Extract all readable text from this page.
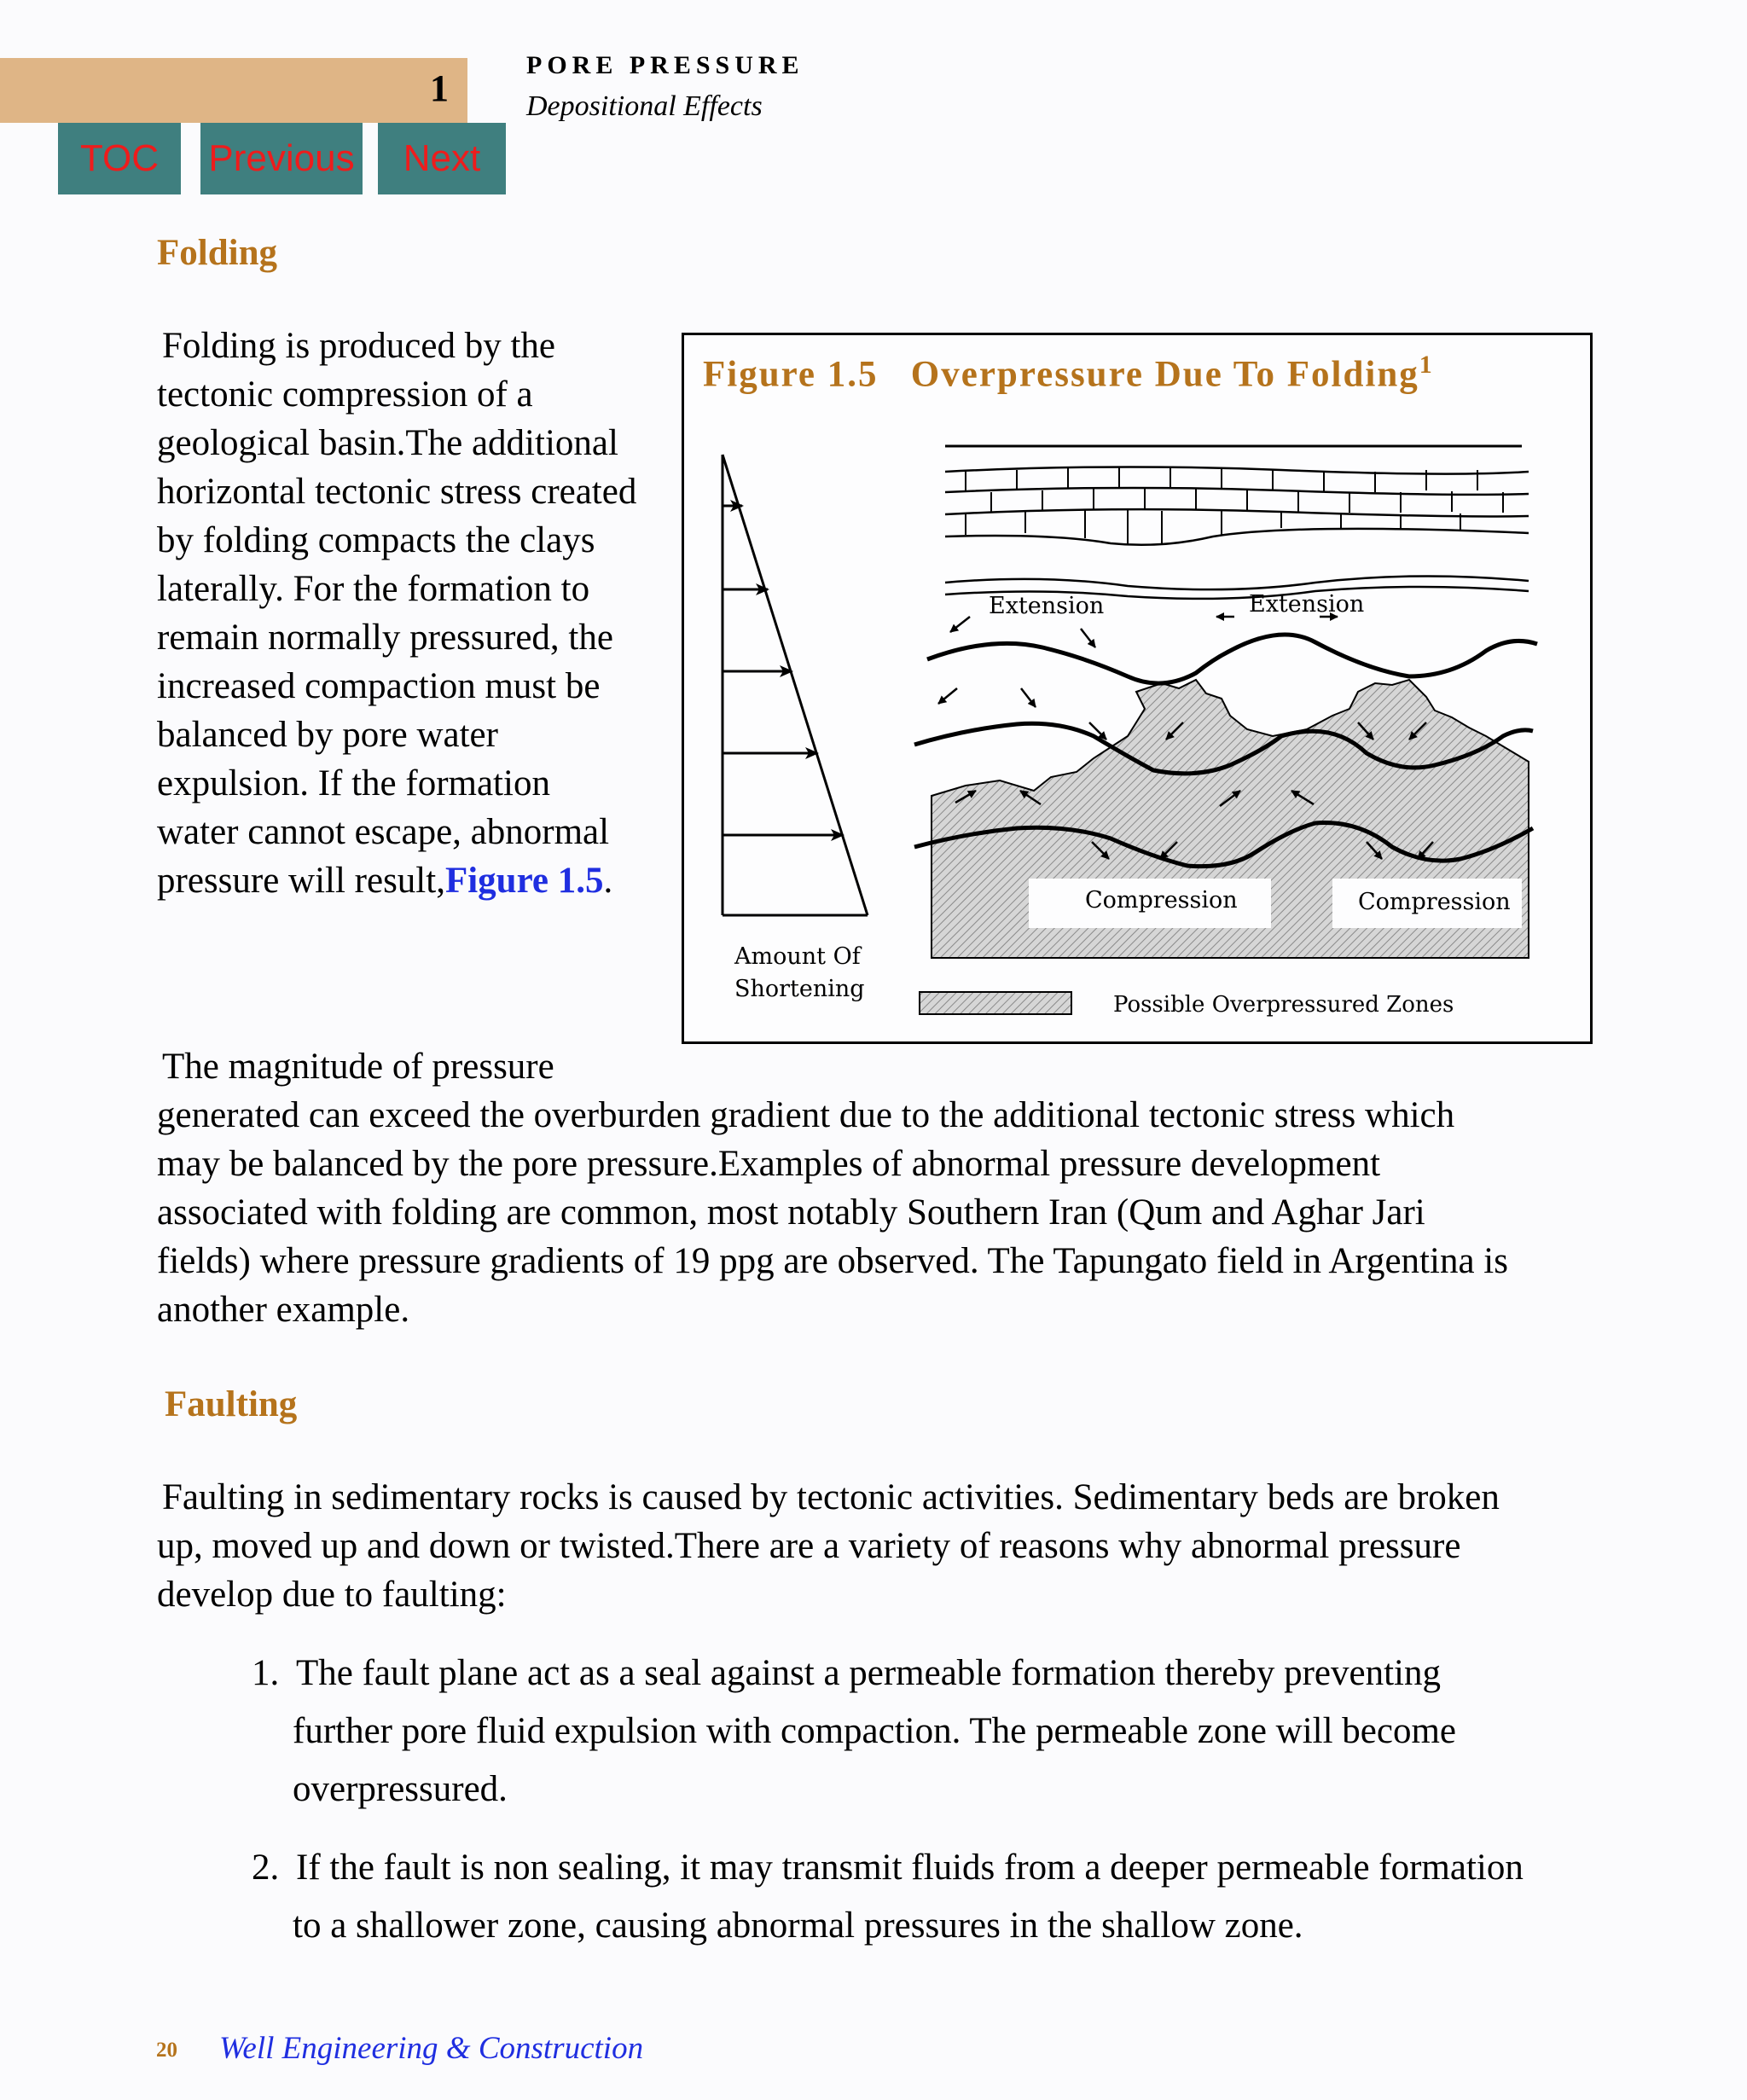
1
PORE PRESSURE
Depositional Effects
TOC	Previous	Next
Folding

Folding is produced by the

tectonic compression of a

geological basin.The additional

horizontal tectonic stress created

by folding compacts the clays

laterally. For the formation to

remain normally pressured, the

increased compaction must be

balanced by pore water

expulsion. If the formation

water cannot escape, abnormal

pressure will result,Figure 1.5.

Figure 1.5 Overpressure Due To Folding$^1$
Extension	Extension
Compression	Compression
Amount Of
Shortening
Possible Overpressured Zones

The magnitude of pressure

generated can exceed the overburden gradient due to the additional tectonic stress which

may be balanced by the pore pressure.Examples of abnormal pressure development

associated with folding are common, most notably Southern Iran (Qum and Aghar Jari

fields) where pressure gradients of 19 ppg are observed. The Tapungato field in Argentina is

another example.

Faulting

Faulting in sedimentary rocks is caused by tectonic activities. Sedimentary beds are broken

up, moved up and down or twisted.There are a variety of reasons why abnormal pressure

develop due to faulting:

1. The fault plane act as a seal against a permeable formation thereby preventing
further pore fluid expulsion with compaction. The permeable zone will become
overpressured.
2. If the fault is non sealing, it may transmit fluids from a deeper permeable formation
to a shallower zone, causing abnormal pressures in the shallow zone.
20 Well Engineering & Construction
